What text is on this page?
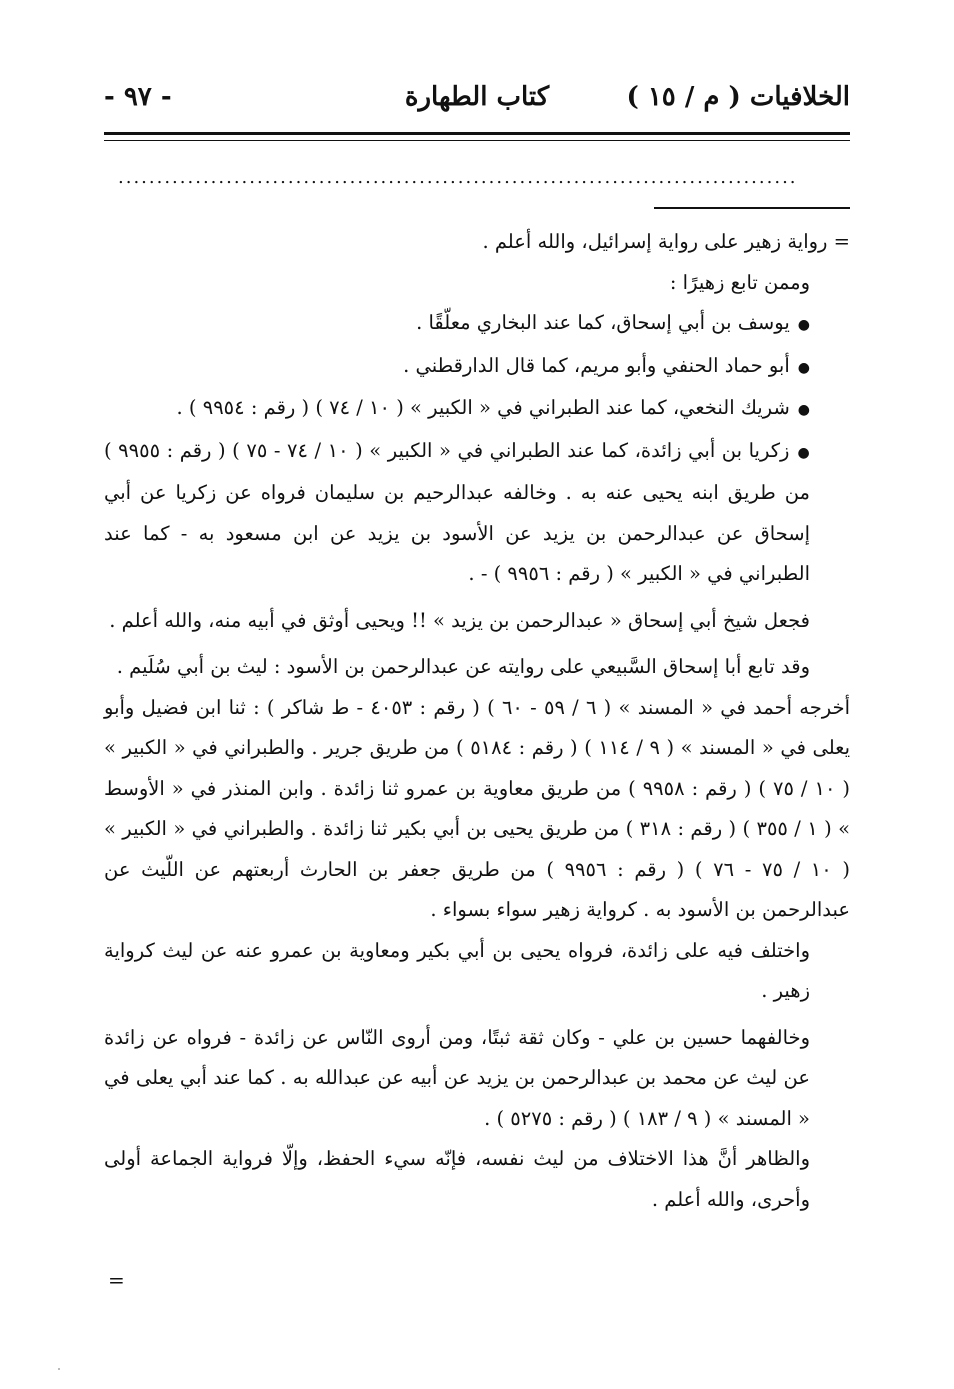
الخلافيات ( م / ١٥ )
كتاب الطهارة
- ٩٧ -
........................................................................................

= رواية زهير على رواية إسرائيل، والله أعلم .

وممن تابع زهيرًا :

● يوسف بن أبي إسحاق، كما عند البخاري معلّقًا .

● أبو حماد الحنفي وأبو مريم، كما قال الدارقطني .

● شريك النخعي، كما عند الطبراني في « الكبير » ( ١٠ / ٧٤ ) ( رقم : ٩٩٥٤ ) .

● زكريا بن أبي زائدة، كما عند الطبراني في « الكبير » ( ١٠ / ٧٤ - ٧٥ ) ( رقم : ٩٩٥٥ ) من طريق ابنه يحيى عنه به . وخالفه عبدالرحيم بن سليمان فرواه عن زكريا عن أبي إسحاق عن عبدالرحمن بن يزيد عن الأسود بن يزيد عن ابن مسعود به - كما عند الطبراني في « الكبير » ( رقم : ٩٩٥٦ ) - .

فجعل شيخ أبي إسحاق « عبدالرحمن بن يزيد » !! ويحيى أوثق في أبيه منه، والله أعلم .

وقد تابع أبا إسحاق السَّبيعي على روايته عن عبدالرحمن بن الأسود : ليث بن أبي سُلَيم .

أخرجه أحمد في « المسند » ( ٦ / ٥٩ - ٦٠ ) ( رقم : ٤٠٥٣ - ط شاكر ) : ثنا ابن فضيل وأبو يعلى في « المسند » ( ٩ / ١١٤ ) ( رقم : ٥١٨٤ ) من طريق جرير . والطبراني في « الكبير » ( ١٠ / ٧٥ ) ( رقم : ٩٩٥٨ ) من طريق معاوية بن عمرو ثنا زائدة . وابن المنذر في « الأوسط » ( ١ / ٣٥٥ ) ( رقم : ٣١٨ ) من طريق يحيى بن أبي بكير ثنا زائدة . والطبراني في « الكبير » ( ١٠ / ٧٥ - ٧٦ ) ( رقم : ٩٩٥٦ ) من طريق جعفر بن الحارث أربعتهم عن اللّيث عن عبدالرحمن بن الأسود به . كرواية زهير سواء بسواء .

واختلف فيه على زائدة، فرواه يحيى بن أبي بكير ومعاوية بن عمرو عنه عن ليث كرواية زهير .

وخالفهما حسين بن علي - وكان ثقة ثبتًا، ومن أروى النّاس عن زائدة - فرواه عن زائدة عن ليث عن محمد بن عبدالرحمن بن يزيد عن أبيه عن عبدالله به . كما عند أبي يعلى في « المسند » ( ٩ / ١٨٣ ) ( رقم : ٥٢٧٥ ) .

والظاهر أنَّ هذا الاختلاف من ليث نفسه، فإنّه سيء الحفظ، وإلّا فرواية الجماعة أولى وأحرى، والله أعلم .

=
